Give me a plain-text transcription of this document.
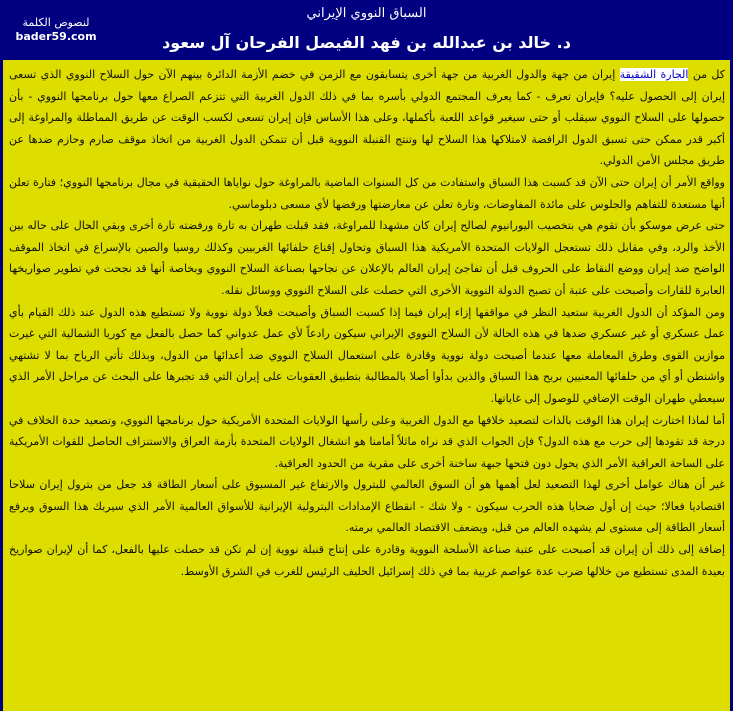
السباق النووي الإيراني
د. خالد بن عبدالله بن فهد الفيصل الفرحان آل سعود
لنصوص الكلمة
bader59.com

كل من الجارة الشقيقة إيران من جهة والدول الغربية من جهة أخرى يتسابقون مع الزمن في خضم الأزمة الدائرة بينهم الآن حول السلاح النووي الذي تسعى إيران إلى الحصول عليه؟ فإيران تعرف - كما يعرف المجتمع الدولي بأسره بما في ذلك الدول الغربية التي تتزعم الصراع معها حول برنامجها النووي - بأن حصولها على السلاح النووي سيقلب أو حتى سيغير قواعد اللعبة بأكملها، وعلى هذا الأساس فإن إيران تسعى لكسب الوقت عن طريق المماطلة والمراوغة إلى أكبر قدر ممكن حتى تسبق الدول الرافضة لامتلاكها هذا السلاح لها وتنتج القنبلة النووية قبل أن تتمكن الدول الغربية من اتخاذ موقف صارم وحازم ضدها عن طريق مجلس الأمن الدولي.

وواقع الأمر أن إيران حتى الآن قد كسبت هذا السباق واستفادت من كل السنوات الماضية بالمراوغة حول نواياها الحقيقية في مجال برنامجها النووي؛ فتارة تعلن أنها مستعدة للتفاهم والجلوس على مائدة المفاوضات، وتارة تعلن عن معارضتها ورفضها لأي مسعى دبلوماسي.

حتى عرض موسكو بأن تقوم هي بتخصيب اليورانيوم لصالح إيران كان مشهدا للمراوغة، فقد قبلت طهران به تارة ورفضته تارة أخرى وبقي الحال على حاله بين الأخذ والرد، وفي مقابل ذلك تستعجل الولايات المتحدة الأمريكية هذا السباق وتحاول إقناع حلفائها الغربيين وكذلك روسيا والصين بالإسراع في اتخاذ الموقف الواضح ضد إيران ووضع النقاط على الحروف قبل أن تفاجئ إيران العالم بالإعلان عن نجاحها بصناعة السلاح النووي وبخاصة أنها قد نجحت في تطوير صواريخها العابرة للقارات وأصبحت على عتبة أن تصبح الدولة النووية الأخرى التي حصلت على السلاح النووي ووسائل نقله.

ومن المؤكد أن الدول الغربية ستعيد النظر في مواقفها إزاء إيران فيما إذا كسبت السباق وأصبحت فعلاً دولة نووية ولا تستطيع هذه الدول عند ذلك القيام بأي عمل عسكري أو غير عسكري ضدها في هذه الحالة لأن السلاح النووي الإيراني سيكون رادعاً لأي عمل عدواني كما حصل بالفعل مع كوريا الشمالية التي غيرت موازين القوى وطرق المعاملة معها عندما أصبحت دولة نووية وقادرة على استعمال السلاح النووي ضد أعدائها من الدول، وبذلك تأتي الرياح بما لا تشتهي واشنطن أو أي من حلفائها المعنيين بربح هذا السباق والذين بدأوا أصلا بالمطالبة بتطبيق العقوبات على إيران التي قد تجبرها على البحث عن مراحل الأمر الذي سيعطي طهران الوقت الإضافي للوصول إلى غاياتها.

أما لماذا اختارت إيران هذا الوقت بالذات لتصعيد خلافها مع الدول الغربية وعلى رأسها الولايات المتحدة الأمريكية حول برنامجها النووي، وتصعيد حدة الخلاف في درجة قد تقودها إلى حرب مع هذه الدول؟ فإن الجواب الذي قد نراه ماثلاً أمامنا هو انشغال الولايات المتحدة بأزمة العراق والاستنزاف الحاصل للقوات الأمريكية على الساحة العراقية الأمر الذي يحول دون فتحها جبهة ساخنة أخرى على مقربة من الحدود العراقية.

غير أن هناك عوامل أخرى لهذا التصعيد لعل أهمها هو أن السوق العالمي للبترول والارتفاع غير المسبوق على أسعار الطاقة قد جعل من بترول إيران سلاحا اقتصاديا فعالا؛ حيث إن أول ضحايا هذه الحرب سيكون - ولا شك - انقطاع الإمدادات البترولية الإيرانية للأسواق العالمية الأمر الذي سيربك هذا السوق ويرفع أسعار الطاقة إلى مستوى لم يشهده العالم من قبل، ويضعف الاقتصاد العالمي برمته.

إضافة إلى ذلك أن إيران قد أصبحت على عتبة صناعة الأسلحة النووية وقادرة على إنتاج قنبلة نووية إن لم تكن قد حصلت عليها بالفعل، كما أن لإيران صواريخ بعيدة المدى تستطيع من خلالها ضرب عدة عواصم غربية بما في ذلك إسرائيل الحليف الرئيس للغرب في الشرق الأوسط.
